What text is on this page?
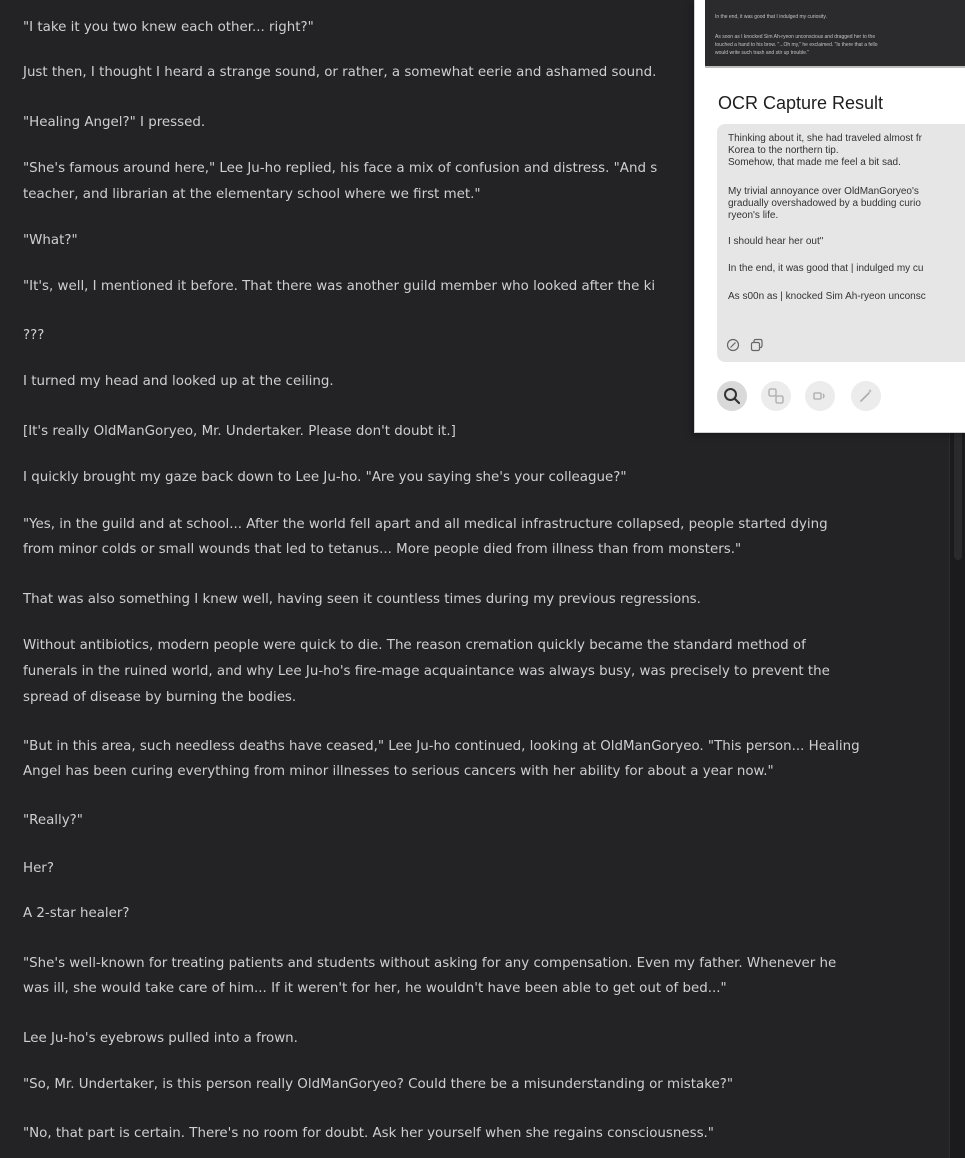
"I take it you two knew each other... right?"

Just then, I thought I heard a strange sound, or rather, a somewhat eerie and ashamed sound.

"Healing Angel?" I pressed.

"She's famous around here," Lee Ju-ho replied, his face a mix of confusion and distress. "And s

teacher, and librarian at the elementary school where we first met."

"What?"

"It's, well, I mentioned it before. That there was another guild member who looked after the ki

???

I turned my head and looked up at the ceiling.

[It's really OldManGoryeo, Mr. Undertaker. Please don't doubt it.]

I quickly brought my gaze back down to Lee Ju-ho. "Are you saying she's your colleague?"

"Yes, in the guild and at school... After the world fell apart and all medical infrastructure collapsed, people started dying

from minor colds or small wounds that led to tetanus... More people died from illness than from monsters."

That was also something I knew well, having seen it countless times during my previous regressions.

Without antibiotics, modern people were quick to die. The reason cremation quickly became the standard method of

funerals in the ruined world, and why Lee Ju-ho's fire-mage acquaintance was always busy, was precisely to prevent the

spread of disease by burning the bodies.

"But in this area, such needless deaths have ceased," Lee Ju-ho continued, looking at OldManGoryeo. "This person... Healing

Angel has been curing everything from minor illnesses to serious cancers with her ability for about a year now."

"Really?"

Her?

A 2-star healer?

"She's well-known for treating patients and students without asking for any compensation. Even my father. Whenever he

was ill, she would take care of him... If it weren't for her, he wouldn't have been able to get out of bed..."

Lee Ju-ho's eyebrows pulled into a frown.

"So, Mr. Undertaker, is this person really OldManGoryeo? Could there be a misunderstanding or mistake?"

"No, that part is certain. There's no room for doubt. Ask her yourself when she regains consciousness."

In the end, it was good that I indulged my curiosity.
As soon as I knocked Sim Ah-ryeon unconscious and dragged her to the
touched a hand to his brow. "...Oh my," he exclaimed. "Is there that a fello
would write such trash and stir up trouble."
OCR Capture Result
Thinking about it, she had traveled almost fr
Korea to the northern tip.
Somehow, that made me feel a bit sad.
My trivial annoyance over OldManGoryeo's
gradually overshadowed by a budding curio
ryeon's life.
I should hear her out"
In the end, it was good that | indulged my cu
As s00n as | knocked Sim Ah-ryeon unconsc
